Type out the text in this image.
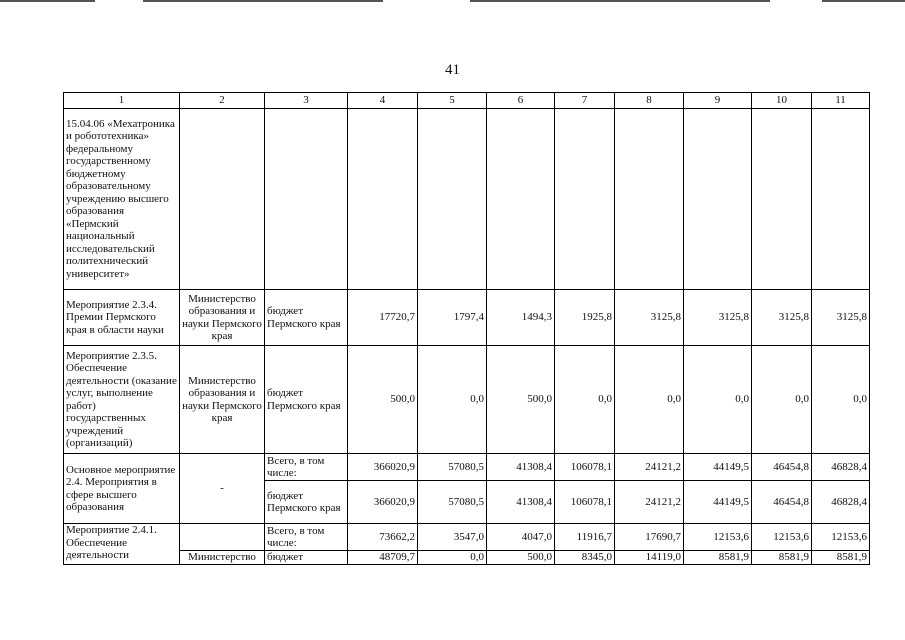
41
1	2	3	4	5	6	7	8	9	10	11
15.04.06 «Мехатроника и робототехника» федеральному государственному бюджетному образовательному учреждению высшего образования «Пермский национальный исследовательский политехнический университет»										
Мероприятие 2.3.4. Премии Пермского края в области науки	Министерство образования и науки Пермского края	бюджет Пермского края	17720,7	1797,4	1494,3	1925,8	3125,8	3125,8	3125,8	3125,8
Мероприятие 2.3.5. Обеспечение деятельности (оказание услуг, выполнение работ) государственных учреждений (организаций)	Министерство образования и науки Пермского края	бюджет Пермского края	500,0	0,0	500,0	0,0	0,0	0,0	0,0	0,0
Основное мероприятие 2.4. Мероприятия в сфере высшего образования	-	Всего, в том числе:	366020,9	57080,5	41308,4	106078,1	24121,2	44149,5	46454,8	46828,4
		бюджет Пермского края	366020,9	57080,5	41308,4	106078,1	24121,2	44149,5	46454,8	46828,4
Мероприятие 2.4.1. Обеспечение деятельности		Всего, в том числе:	73662,2	3547,0	4047,0	11916,7	17690,7	12153,6	12153,6	12153,6
	Министерство	бюджет	48709,7	0,0	500,0	8345,0	14119,0	8581,9	8581,9	8581,9
